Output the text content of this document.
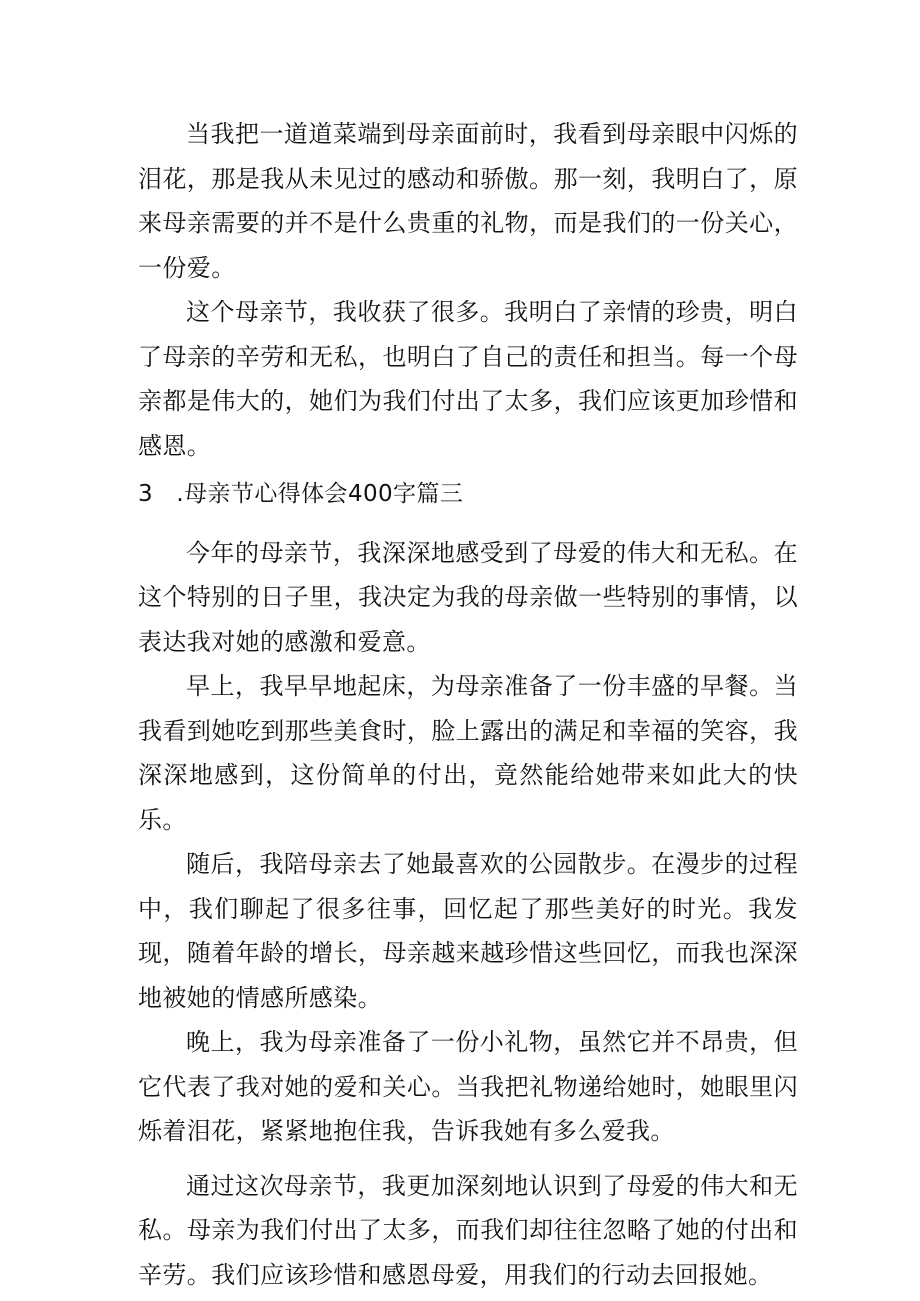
当我把一道道菜端到母亲面前时，我看到母亲眼中闪烁的泪花，那是我从未见过的感动和骄傲。那一刻，我明白了，原来母亲需要的并不是什么贵重的礼物，而是我们的一份关心，一份爱。

这个母亲节，我收获了很多。我明白了亲情的珍贵，明白了母亲的辛劳和无私，也明白了自己的责任和担当。每一个母亲都是伟大的，她们为我们付出了太多，我们应该更加珍惜和感恩。

3 .母亲节心得体会400字篇三

今年的母亲节，我深深地感受到了母爱的伟大和无私。在这个特别的日子里，我决定为我的母亲做一些特别的事情，以表达我对她的感激和爱意。

早上，我早早地起床，为母亲准备了一份丰盛的早餐。当我看到她吃到那些美食时，脸上露出的满足和幸福的笑容，我深深地感到，这份简单的付出，竟然能给她带来如此大的快乐。

随后，我陪母亲去了她最喜欢的公园散步。在漫步的过程中，我们聊起了很多往事，回忆起了那些美好的时光。我发现，随着年龄的增长，母亲越来越珍惜这些回忆，而我也深深地被她的情感所感染。

晚上，我为母亲准备了一份小礼物，虽然它并不昂贵，但它代表了我对她的爱和关心。当我把礼物递给她时，她眼里闪烁着泪花，紧紧地抱住我，告诉我她有多么爱我。

通过这次母亲节，我更加深刻地认识到了母爱的伟大和无私。母亲为我们付出了太多，而我们却往往忽略了她的付出和辛劳。我们应该珍惜和感恩母爱，用我们的行动去回报她。
